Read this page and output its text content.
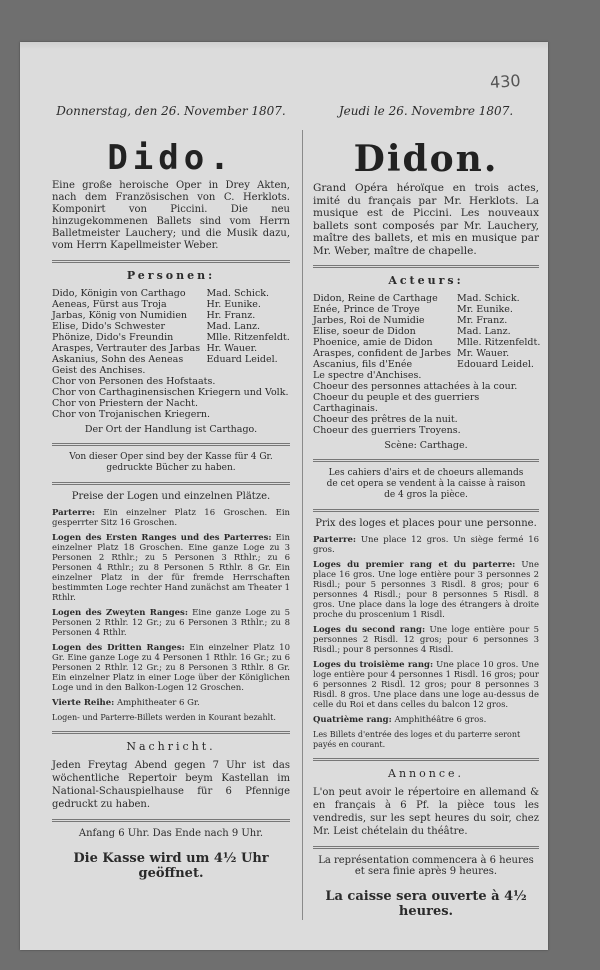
430

Donnerstag, den 26. November 1807.

Dido.

Eine große heroische Oper in Drey Akten, nach dem Französischen von C. Herklots. Komponirt von Piccini. Die neu hinzugekommenen Ballets sind vom Herrn Balletmeister Lauchery; und die Musik dazu, vom Herrn Kapellmeister Weber.

Personen:
Dido, Königin von Carthago	Mad. Schick.
Aeneas, Fürst aus Troja	Hr. Eunike.
Jarbas, König von Numidien	Hr. Franz.
Elise, Dido's Schwester	Mad. Lanz.
Phönize, Dido's Freundin	Mlle. Ritzenfeldt.
Araspes, Vertrauter des Jarbas	Hr. Wauer.
Askanius, Sohn des Aeneas	Eduard Leidel.

Geist des Anchises.

Chor von Personen des Hofstaats.

Chor von Carthaginensischen Kriegern und Volk.

Chor von Priestern der Nacht.

Chor von Trojanischen Kriegern.

Der Ort der Handlung ist Carthago.

Von dieser Oper sind bey der Kasse für 4 Gr. gedruckte Bücher zu haben.

Preise der Logen und einzelnen Plätze.

Parterre: Ein einzelner Platz 16 Groschen. Ein gesperrter Sitz 16 Groschen.

Logen des Ersten Ranges und des Parterres: Ein einzelner Platz 18 Groschen. Eine ganze Loge zu 3 Personen 2 Rthlr.; zu 5 Personen 3 Rthlr.; zu 6 Personen 4 Rthlr.; zu 8 Personen 5 Rthlr. 8 Gr. Ein einzelner Platz in der für fremde Herrschaften bestimmten Loge rechter Hand zunächst am Theater 1 Rthlr.

Logen des Zweyten Ranges: Eine ganze Loge zu 5 Personen 2 Rthlr. 12 Gr.; zu 6 Personen 3 Rthlr.; zu 8 Personen 4 Rthlr.

Logen des Dritten Ranges: Ein einzelner Platz 10 Gr. Eine ganze Loge zu 4 Personen 1 Rthlr. 16 Gr.; zu 6 Personen 2 Rthlr. 12 Gr.; zu 8 Personen 3 Rthlr. 8 Gr. Ein einzelner Platz in einer Loge über der Königlichen Loge und in den Balkon-Logen 12 Groschen.

Vierte Reihe: Amphitheater 6 Gr.

Logen- und Parterre-Billets werden in Kourant bezahlt.

Nachricht.

Jeden Freytag Abend gegen 7 Uhr ist das wöchentliche Repertoir beym Kastellan im National-Schauspielhause für 6 Pfennige gedruckt zu haben.

Anfang 6 Uhr. Das Ende nach 9 Uhr.

Die Kasse wird um 4½ Uhr geöffnet.

Jeudi le 26. Novembre 1807.

Didon.

Grand Opéra héroïque en trois actes, imité du français par Mr. Herklots. La musique est de Piccini. Les nouveaux ballets sont composés par Mr. Lauchery, maître des ballets, et mis en musique par Mr. Weber, maître de chapelle.

Acteurs:
Didon, Reine de Carthage	Mad. Schick.
Enée, Prince de Troye	Mr. Eunike.
Jarbes, Roi de Numidie	Mr. Franz.
Elise, soeur de Didon	Mad. Lanz.
Phoenice, amie de Didon	Mlle. Ritzenfeldt.
Araspes, confident de Jarbes	Mr. Wauer.
Ascanius, fils d'Enée	Edouard Leidel.

Le spectre d'Anchises.

Choeur des personnes attachées à la cour.

Choeur du peuple et des guerriers Carthaginais.

Choeur des prêtres de la nuit.

Choeur des guerriers Troyens.

Scène: Carthage.

Les cahiers d'airs et de choeurs allemands de cet opera se vendent à la caisse à raison de 4 gros la pièce.

Prix des loges et places pour une personne.

Parterre: Une place 12 gros. Un siège fermé 16 gros.

Loges du premier rang et du parterre: Une place 16 gros. Une loge entière pour 3 personnes 2 Risdl.; pour 5 personnes 3 Risdl. 8 gros; pour 6 personnes 4 Risdl.; pour 8 personnes 5 Risdl. 8 gros. Une place dans la loge des étrangers à droite proche du proscenium 1 Risdl.

Loges du second rang: Une loge entière pour 5 personnes 2 Risdl. 12 gros; pour 6 personnes 3 Risdl.; pour 8 personnes 4 Risdl.

Loges du troisième rang: Une place 10 gros. Une loge entière pour 4 personnes 1 Risdl. 16 gros; pour 6 personnes 2 Risdl. 12 gros; pour 8 personnes 3 Risdl. 8 gros. Une place dans une loge au-dessus de celle du Roi et dans celles du balcon 12 gros.

Quatrième rang: Amphithéâtre 6 gros.

Les Billets d'entrée des loges et du parterre seront payés en courant.

Annonce.

L'on peut avoir le répertoire en allemand & en français à 6 Pf. la pièce tous les vendredis, sur les sept heures du soir, chez Mr. Leist chételain du théâtre.

La représentation commencera à 6 heures et sera finie après 9 heures.

La caisse sera ouverte à 4½ heures.
